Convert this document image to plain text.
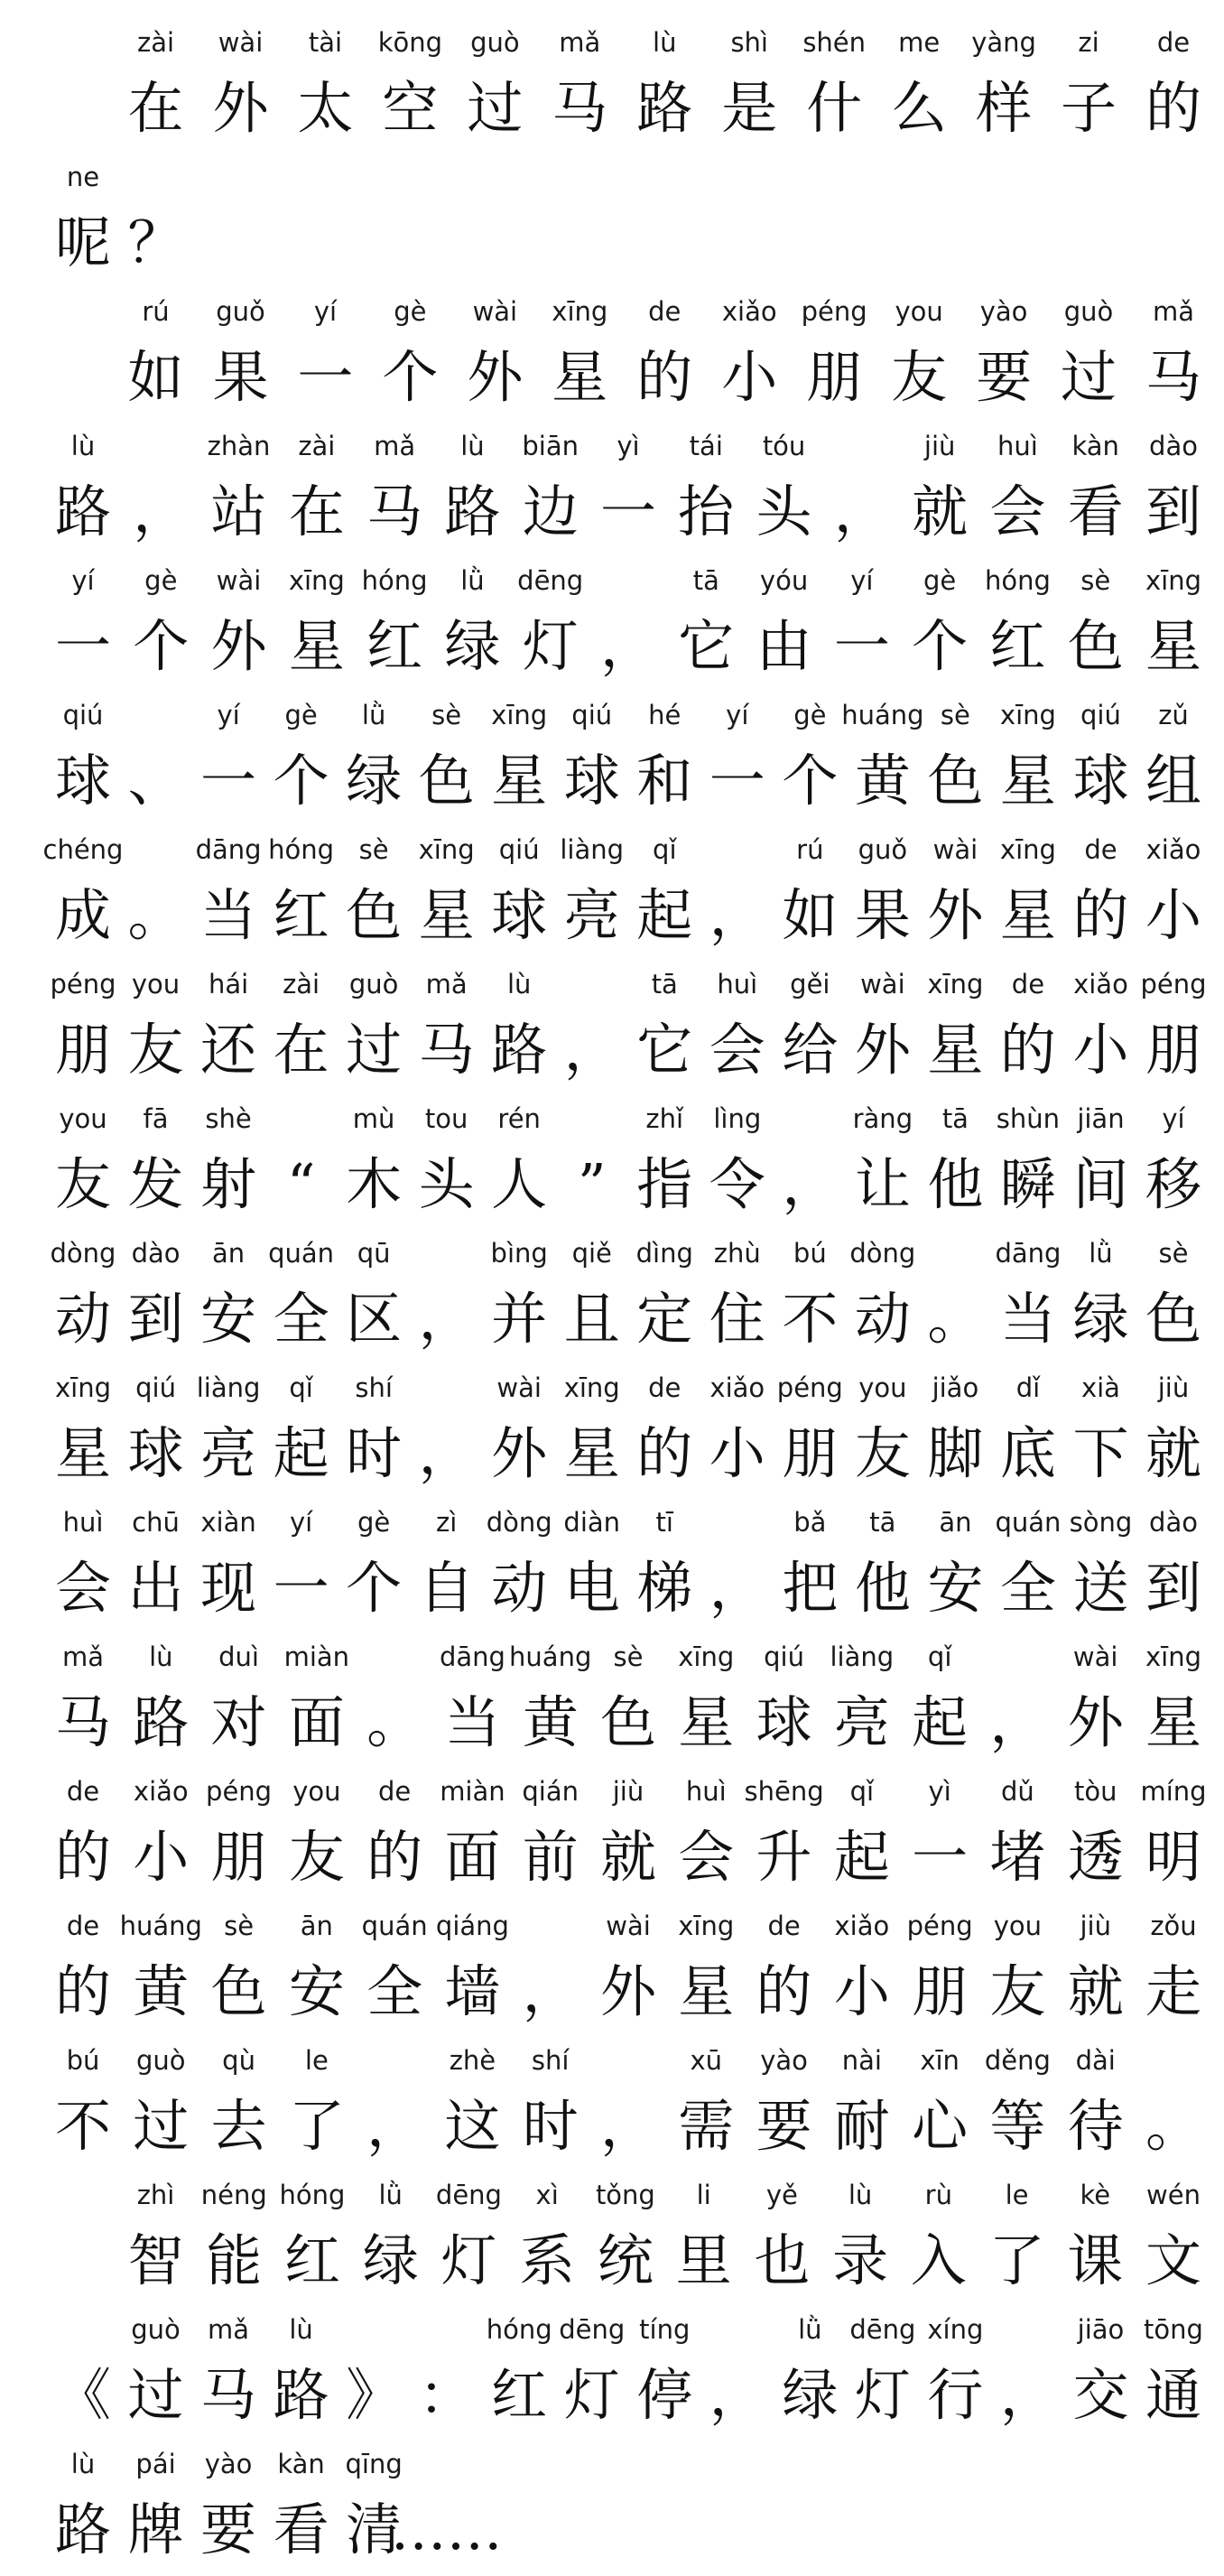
zài
在
wài
外
tài
太
kōng
空
guò
过
mǎ
马
lù
路
shì
是
shén
什
me
么
yàng
样
zi
子
de
的
ne
呢 ？
rú
如
guǒ
果
yí
一
gè
个
wài
外
xīng
星
de
的
xiǎo
小
péng
朋
you
友
yào
要
guò
过
mǎ
马
lù
路 ，
zhàn
站
zài
在
mǎ
马
lù
路
biān
边
yì
一
tái
抬
tóu
头 ，
jiù
就
huì
会
kàn
看
dào
到
yí
一
gè
个
wài
外
xīng
星
hóng
红
lǜ
绿
dēng
灯 ，
tā
它
yóu
由
yí
一
gè
个
hóng
红
sè
色
xīng
星
qiú
球 、
yí
一
gè
个
lǜ
绿
sè
色
xīng
星
qiú
球
hé
和
yí
一
gè
个
huáng
黄
sè
色
xīng
星
qiú
球
zǔ
组
chéng
成 。
dāng
当
hóng
红
sè
色
xīng
星
qiú
球
liàng
亮
qǐ
起 ，
rú
如
guǒ
果
wài
外
xīng
星
de
的
xiǎo
小
péng
朋
you
友
hái
还
zài
在
guò
过
mǎ
马
lù
路 ，
tā
它
huì
会
gěi
给
wài
外
xīng
星
de
的
xiǎo
小
péng
朋
you
友
fā
发
shè
射 “
mù
木
tou
头
rén
人 ”
zhǐ
指
lìng
令 ，
ràng
让
tā
他
shùn
瞬
jiān
间
yí
移
dòng
动
dào
到
ān
安
quán
全
qū
区 ，
bìng
并
qiě
且
dìng
定
zhù
住
bú
不
dòng
动 。
dāng
当
lǜ
绿
sè
色
xīng
星
qiú
球
liàng
亮
qǐ
起
shí
时 ，
wài
外
xīng
星
de
的
xiǎo
小
péng
朋
you
友
jiǎo
脚
dǐ
底
xià
下
jiù
就
huì
会
chū
出
xiàn
现
yí
一
gè
个
zì
自
dòng
动
diàn
电
tī
梯 ，
bǎ
把
tā
他
ān
安
quán
全
sòng
送
dào
到
mǎ
马
lù
路
duì
对
miàn
面 。
dāng
当
huáng
黄
sè
色
xīng
星
qiú
球
liàng
亮
qǐ
起 ，
wài
外
xīng
星
de
的
xiǎo
小
péng
朋
you
友
de
的
miàn
面
qián
前
jiù
就
huì
会
shēng
升
qǐ
起
yì
一
dǔ
堵
tòu
透
míng
明
de
的
huáng
黄
sè
色
ān
安
quán
全
qiáng
墙 ，
wài
外
xīng
星
de
的
xiǎo
小
péng
朋
you
友
jiù
就
zǒu
走
bú
不
guò
过
qù
去
le
了 ，
zhè
这
shí
时 ，
xū
需
yào
要
nài
耐
xīn
心
děng
等
dài
待 。
zhì
智
néng
能
hóng
红
lǜ
绿
dēng
灯
xì
系
tǒng
统
li
里
yě
也
lù
录
rù
入
le
了
kè
课
wén
文
《
guò
过
mǎ
马
lù
路 》 ：
hóng
红
dēng
灯
tíng
停 ，
lǜ
绿
dēng
灯
xíng
行 ，
jiāo
交
tōng
通
lù
路
pái
牌
yào
要
kàn
看
qīng
清
……
